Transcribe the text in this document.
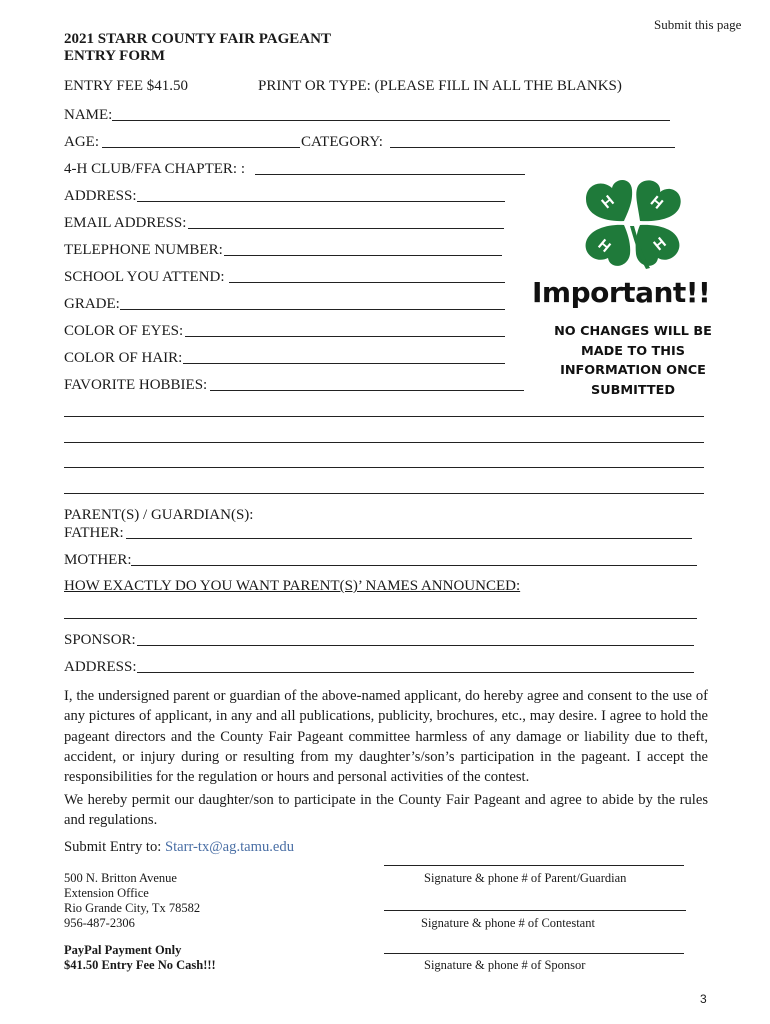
Submit this page
2021 STARR COUNTY FAIR PAGEANT
ENTRY FORM
ENTRY FEE $41.50	PRINT OR TYPE: (PLEASE FILL IN ALL THE BLANKS)
NAME:
AGE:	CATEGORY:
4-H CLUB/FFA CHAPTER: :
ADDRESS:
EMAIL ADDRESS:
TELEPHONE NUMBER:
SCHOOL YOU ATTEND:
GRADE:
COLOR OF EYES:
COLOR OF HAIR:
FAVORITE HOBBIES:
H H
H H
Important!!
NO CHANGES WILL BE
MADE TO THIS
INFORMATION ONCE
SUBMITTED
PARENT(S) / GUARDIAN(S):
FATHER:
MOTHER:
HOW EXACTLY DO YOU WANT PARENT(S)’ NAMES ANNOUNCED:
SPONSOR:
ADDRESS:
I, the undersigned parent or guardian of the above-named applicant, do hereby agree and consent to the use of any pictures of applicant, in any and all publications, publicity, brochures, etc., may desire. I agree to hold the pageant directors and the County Fair Pageant committee harmless of any damage or liability due to theft, accident, or injury during or resulting from my daughter’s/son’s participation in the pageant. I accept the responsibilities for the regulation or hours and personal activities of the contest.
We hereby permit our daughter/son to participate in the County Fair Pageant and agree to abide by the rules and regulations.
Submit Entry to: Starr-tx@ag.tamu.edu
500 N. Britton Avenue
Extension Office
Rio Grande City, Tx 78582
956-487-2306
PayPal Payment Only
$41.50 Entry Fee No Cash!!!
Signature & phone # of Parent/Guardian
Signature & phone # of Contestant
Signature & phone # of Sponsor
3
